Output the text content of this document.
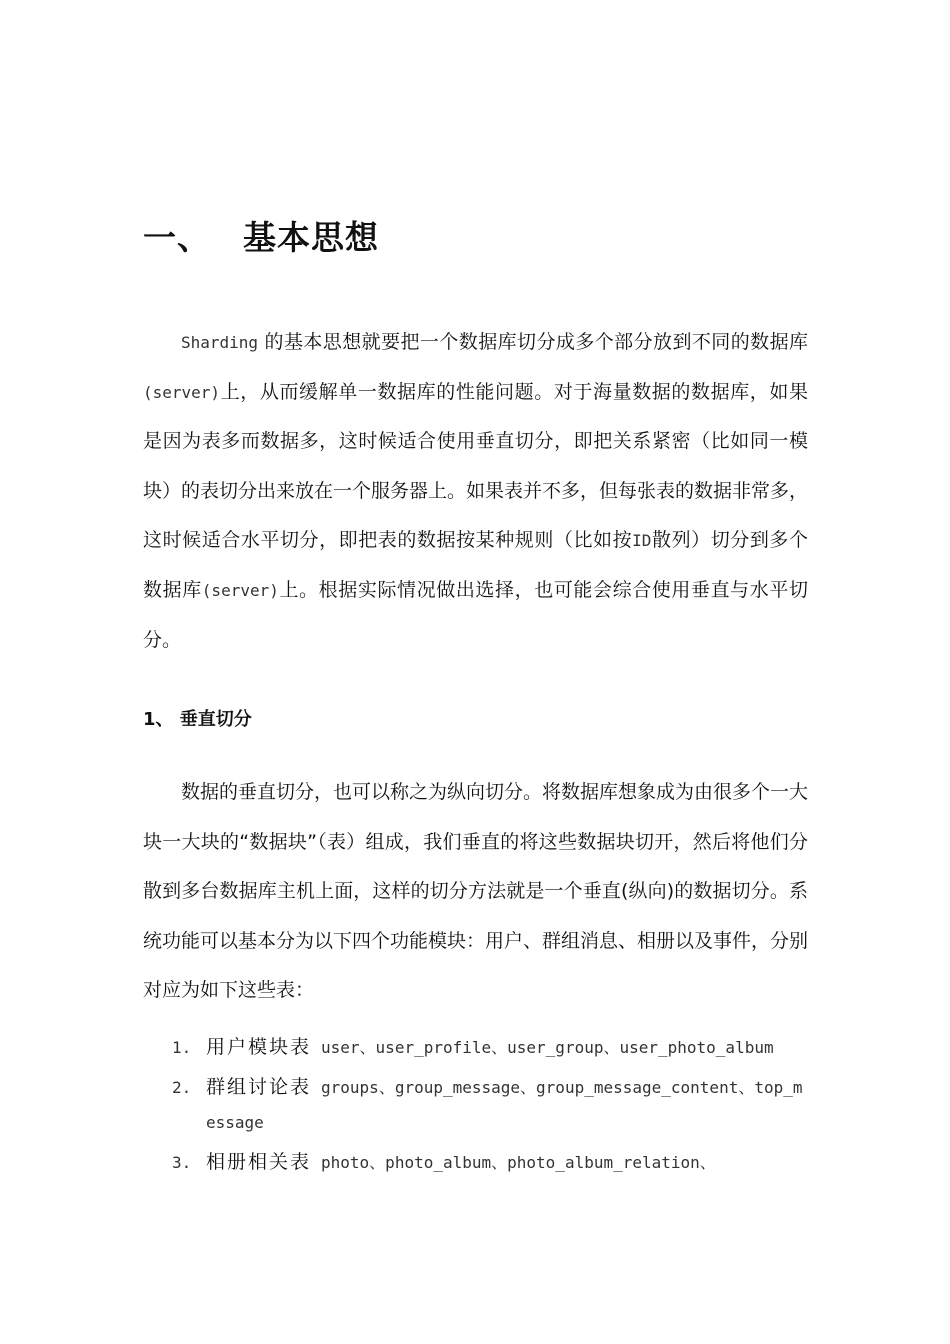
一、 基本思想

Sharding 的基本思想就要把一个数据库切分成多个部分放到不同的数据库(server)上，从而缓解单一数据库的性能问题。对于海量数据的数据库，如果是因为表多而数据多，这时候适合使用垂直切分，即把关系紧密（比如同一模块）的表切分出来放在一个服务器上。如果表并不多，但每张表的数据非常多，这时候适合水平切分，即把表的数据按某种规则（比如按ID散列）切分到多个数据库(server)上。根据实际情况做出选择，也可能会综合使用垂直与水平切分。

1、 垂直切分

数据的垂直切分，也可以称之为纵向切分。将数据库想象成为由很多个一大块一大块的“数据块”（表）组成，我们垂直的将这些数据块切开，然后将他们分散到多台数据库主机上面，这样的切分方法就是一个垂直(纵向)的数据切分。系统功能可以基本分为以下四个功能模块：用户、群组消息、相册以及事件，分别对应为如下这些表：

1. 用户模块表 user、user_profile、user_group、user_photo_album
2. 群组讨论表 groups、group_message、group_message_content、top_message
3. 相册相关表 photo、photo_album、photo_album_relation、
